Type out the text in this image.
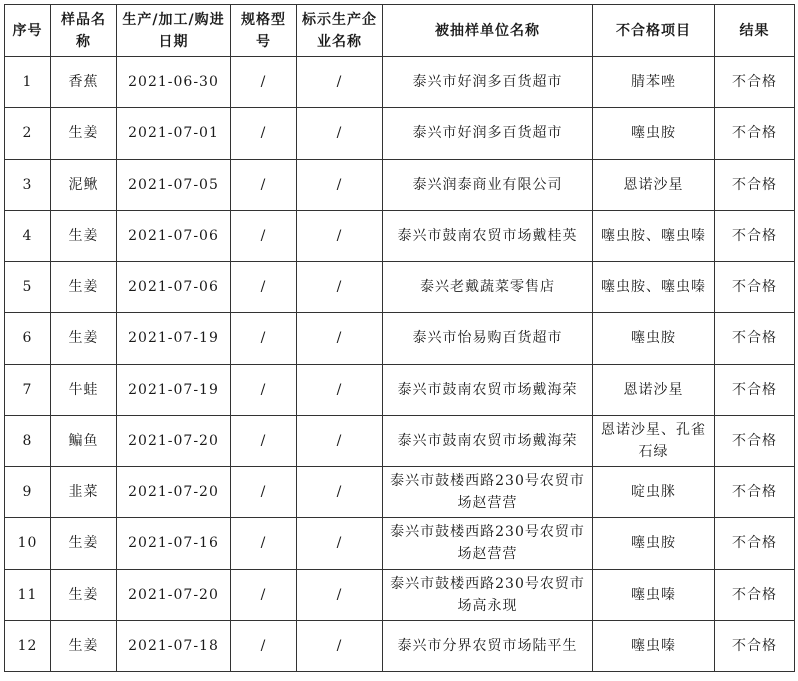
序号	样品名称	生产/加工/购进日期	规格型号	标示生产企业名称	被抽样单位名称	不合格项目	结果
1	香蕉	2021-06-30	/	/	泰兴市好润多百货超市	腈苯唑	不合格
2	生姜	2021-07-01	/	/	泰兴市好润多百货超市	噻虫胺	不合格
3	泥鳅	2021-07-05	/	/	泰兴润泰商业有限公司	恩诺沙星	不合格
4	生姜	2021-07-06	/	/	泰兴市鼓南农贸市场戴桂英	噻虫胺、噻虫嗪	不合格
5	生姜	2021-07-06	/	/	泰兴老戴蔬菜零售店	噻虫胺、噻虫嗪	不合格
6	生姜	2021-07-19	/	/	泰兴市怡易购百货超市	噻虫胺	不合格
7	牛蛙	2021-07-19	/	/	泰兴市鼓南农贸市场戴海荣	恩诺沙星	不合格
8	鳊鱼	2021-07-20	/	/	泰兴市鼓南农贸市场戴海荣	恩诺沙星、孔雀石绿	不合格
9	韭菜	2021-07-20	/	/	泰兴市鼓楼西路230号农贸市场赵营营	啶虫脒	不合格
10	生姜	2021-07-16	/	/	泰兴市鼓楼西路230号农贸市场赵营营	噻虫胺	不合格
11	生姜	2021-07-20	/	/	泰兴市鼓楼西路230号农贸市场高永现	噻虫嗪	不合格
12	生姜	2021-07-18	/	/	泰兴市分界农贸市场陆平生	噻虫嗪	不合格
